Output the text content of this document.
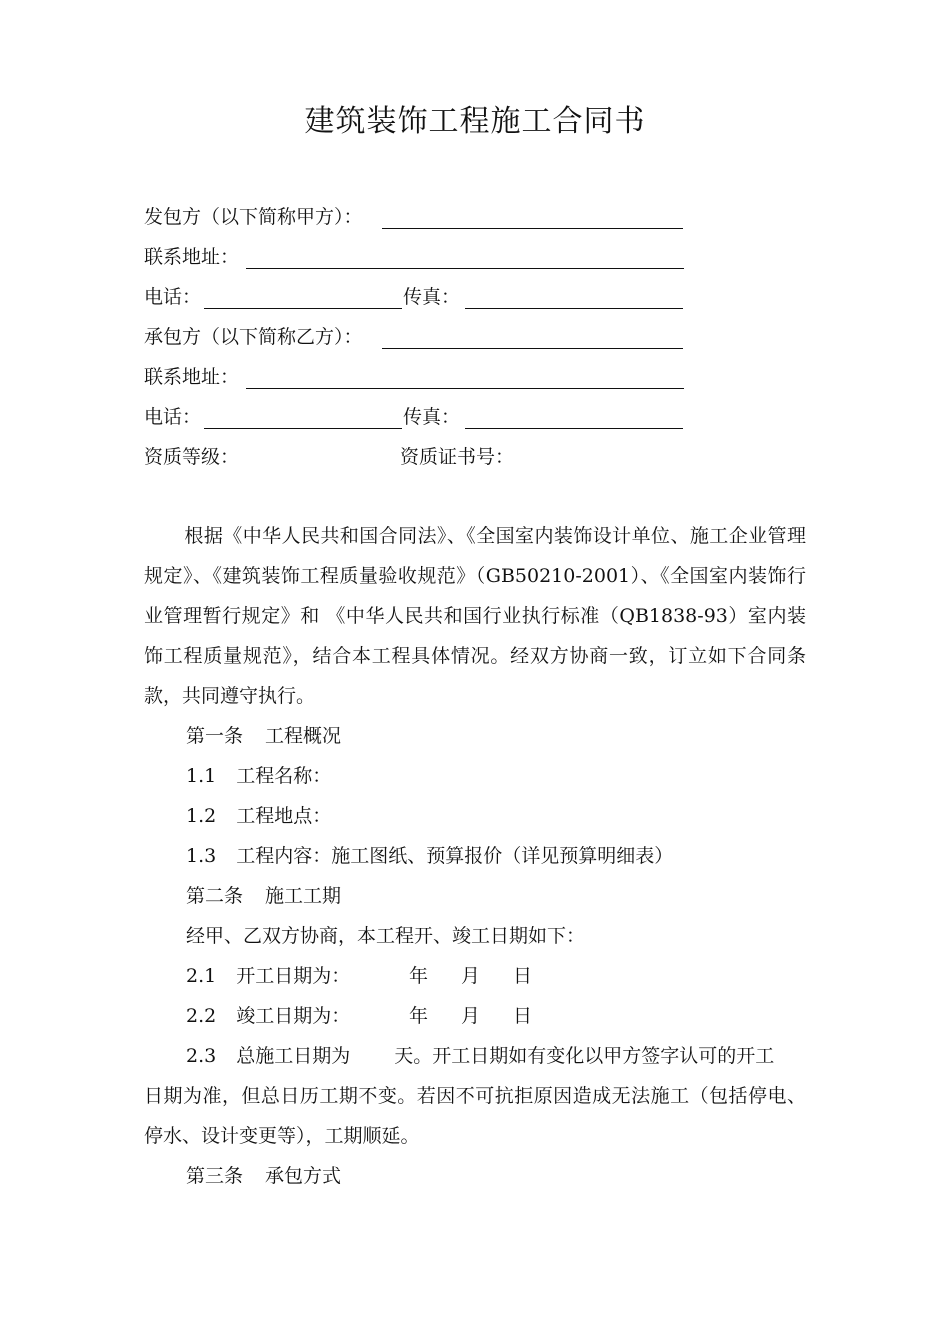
建筑装饰工程施工合同书
发包方（以下简称甲方）：
联系地址：
电话：	传真：
承包方（以下简称乙方）：
联系地址：
电话：	传真：
资质等级：	资质证书号：
根据《中华人民共和国合同法》、《全国室内装饰设计单位、施工企业管理规定》、《建筑装饰工程质量验收规范》（GB50210-2001）、《全国室内装饰行业管理暂行规定》和 《中华人民共和国行业执行标准（QB1838-93）室内装饰工程质量规范》，结合本工程具体情况。经双方协商一致，订立如下合同条款，共同遵守执行。
第一条 工程概况
1.1 工程名称：
1.2 工程地点：
1.3 工程内容：施工图纸、预算报价（详见预算明细表）
第二条 施工工期
经甲、乙双方协商，本工程开、竣工日期如下：
2.1 开工日期为：	年 月 日
2.2 竣工日期为：	年 月 日
2.3 总施工日期为 天。开工日期如有变化以甲方签字认可的开工
日期为准，但总日历工期不变。若因不可抗拒原因造成无法施工（包括停电、停水、设计变更等），工期顺延。
第三条 承包方式
